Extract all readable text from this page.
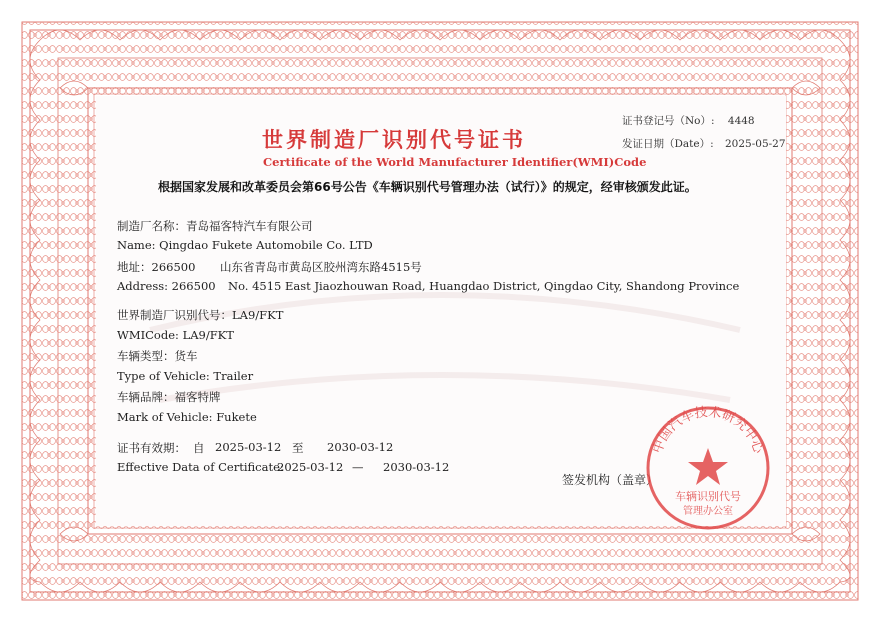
证书登记号（No）: 4448
发证日期（Date）: 2025-05-27
世界制造厂识别代号证书
Certificate of the World Manufacturer Identifier(WMI)Code
根据国家发展和改革委员会第66号公告《车辆识别代号管理办法（试行）》的规定，经审核颁发此证。
制造厂名称：青岛福客特汽车有限公司
Name: Qingdao Fukete Automobile Co. LTD
地址：266500 山东省青岛市黄岛区胶州湾东路4515号
Address: 266500 No. 4515 East Jiaozhouwan Road, Huangdao District, Qingdao City, Shandong Province
世界制造厂识别代号：LA9/FKT
WMICode: LA9/FKT
车辆类型：货车
Type of Vehicle: Trailer
车辆品牌：福客特牌
Mark of Vehicle: Fukete
证书有效期： 自 2025-03-12 至 2030-03-12
Effective Data of Certificate:
2025-03-12 — 2030-03-12
签发机构（盖章）
中国汽车技术研究中心
车辆识别代号
管理办公室
